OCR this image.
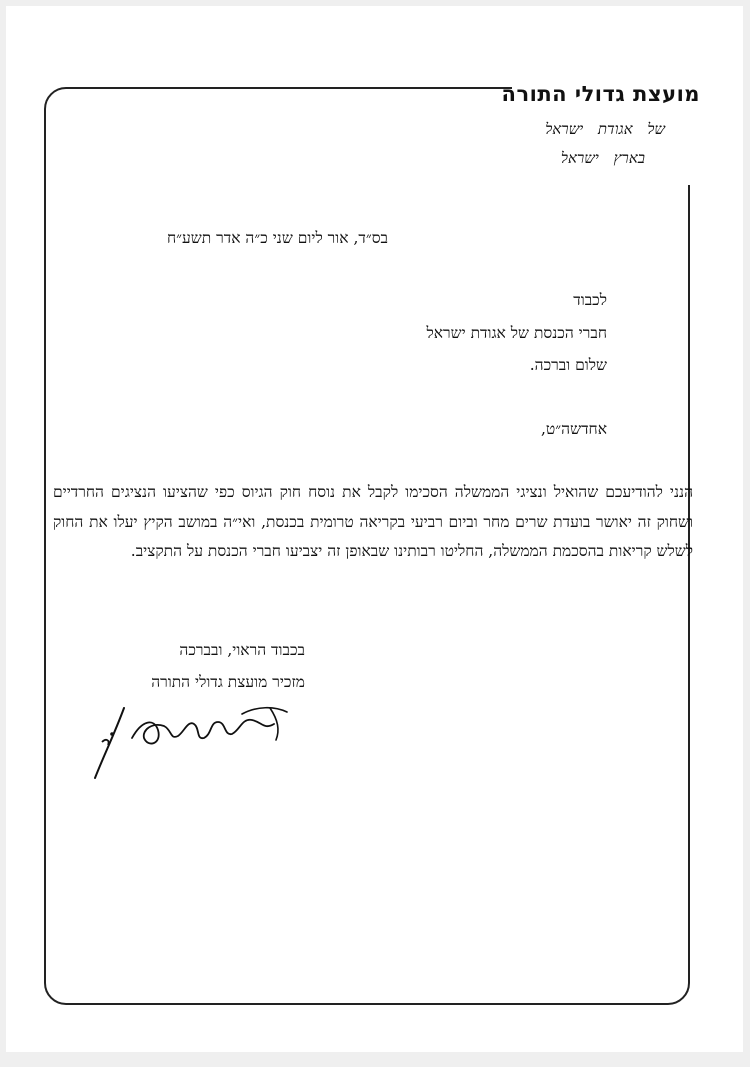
מועצת גדולי התורה
של אגודת ישראל
בארץ ישראל
בס״ד, אור ליום שני כ״ה אדר תשע״ח
לכבוד
חברי הכנסת של אגודת ישראל
שלום וברכה.
אחדשה״ט,
הנני להודיעכם שהואיל ונציגי הממשלה הסכימו לקבל את נוסח חוק הגיוס כפי שהציעו הנציגים החרדיים ושחוק זה יאושר בועדת שרים מחר וביום רביעי בקריאה טרומית בכנסת, ואי״ה במושב הקיץ יעלו את החוק לשלש קריאות בהסכמת הממשלה, החליטו רבותינו שבאופן זה יצביעו חברי הכנסת על התקציב.
בכבוד הראוי, ובברכה
מזכיר מועצת גדולי התורה
